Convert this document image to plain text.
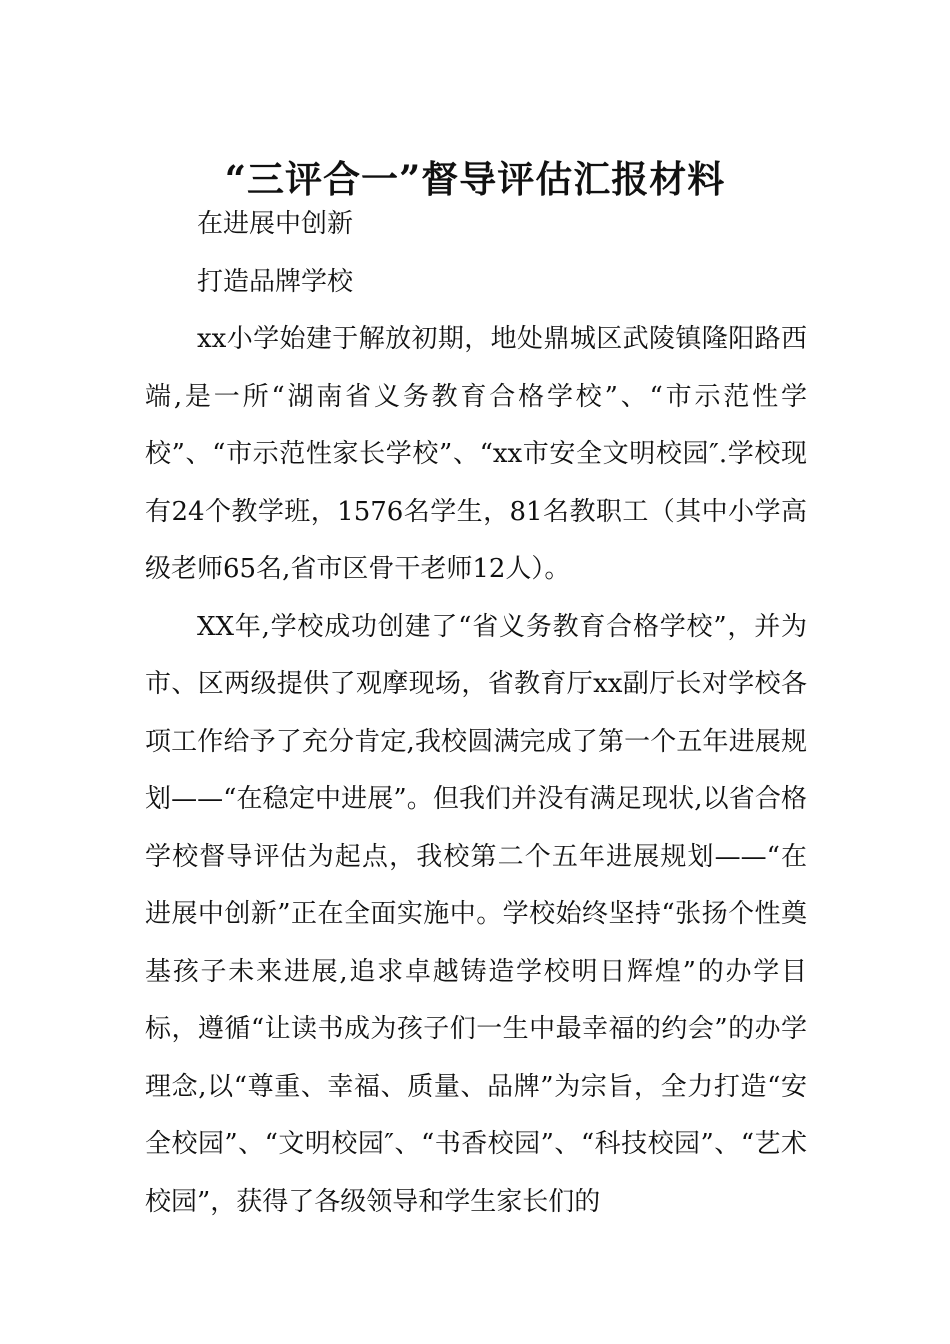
“三评合一”督导评估汇报材料

在进展中创新

打造品牌学校

xx小学始建于解放初期，地处鼎城区武陵镇隆阳路西端,是一所“湖南省义务教育合格学校”、“市示范性学校”、“市示范性家长学校”、“xx市安全文明校园″.学校现有24个教学班，1576名学生，81名教职工（其中小学高级老师65名,省市区骨干老师12人）。

XX年,学校成功创建了“省义务教育合格学校”，并为市、区两级提供了观摩现场，省教育厅xx副厅长对学校各项工作给予了充分肯定,我校圆满完成了第一个五年进展规划——“在稳定中进展”。但我们并没有满足现状,以省合格学校督导评估为起点，我校第二个五年进展规划——“在进展中创新”正在全面实施中。学校始终坚持“张扬个性奠基孩子未来进展,追求卓越铸造学校明日辉煌”的办学目标，遵循“让读书成为孩子们一生中最幸福的约会”的办学理念,以“尊重、幸福、质量、品牌”为宗旨，全力打造“安全校园”、“文明校园″、“书香校园”、“科技校园”、“艺术校园”，获得了各级领导和学生家长们的
